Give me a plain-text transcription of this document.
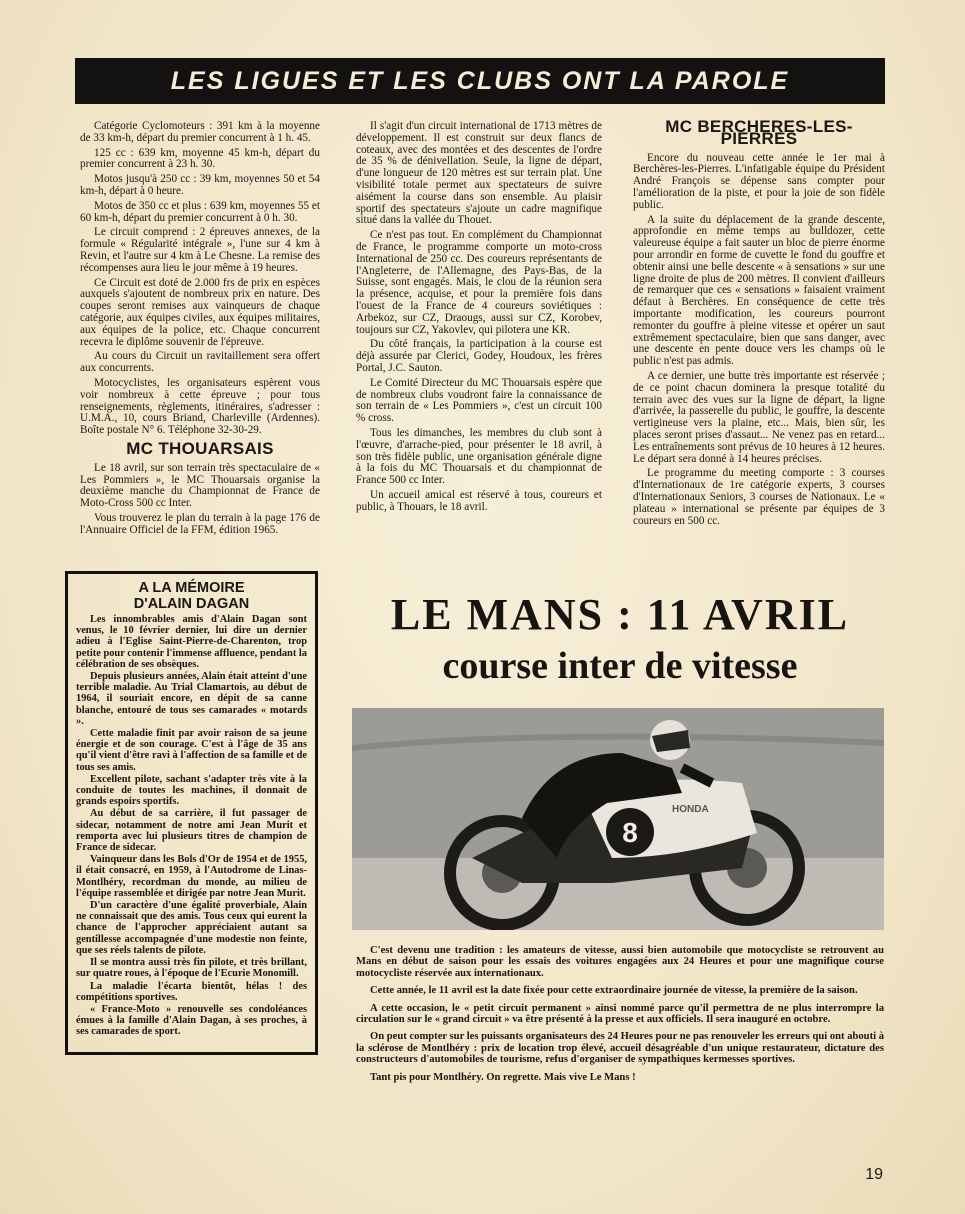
LES LIGUES ET LES CLUBS ONT LA PAROLE

Catégorie Cyclomoteurs : 391 km à la moyenne de 33 km-h, départ du premier concurrent à 1 h. 45.

125 cc : 639 km, moyenne 45 km-h, départ du premier concurrent à 23 h. 30.

Motos jusqu'à 250 cc : 39 km, moyennes 50 et 54 km-h, départ à 0 heure.

Motos de 350 cc et plus : 639 km, moyennes 55 et 60 km-h, départ du premier concurrent à 0 h. 30.

Le circuit comprend : 2 épreuves annexes, de la formule « Régularité intégrale », l'une sur 4 km à Revin, et l'autre sur 4 km à Le Chesne. La remise des récompenses aura lieu le jour même à 19 heures.

Ce Circuit est doté de 2.000 frs de prix en espèces auxquels s'ajoutent de nombreux prix en nature. Des coupes seront remises aux vainqueurs de chaque catégorie, aux équipes civiles, aux équipes militaires, aux équipes de la police, etc. Chaque concurrent recevra le diplôme souvenir de l'épreuve.

Au cours du Circuit un ravitaillement sera offert aux concurrents.

Motocyclistes, les organisateurs espèrent vous voir nombreux à cette épreuve ; pour tous renseignements, règlements, itinéraires, s'adresser : U.M.A., 10, cours Briand, Charleville (Ardennes). Boîte postale N° 6. Téléphone 32-30-29.

MC THOUARSAIS

Le 18 avril, sur son terrain très spectaculaire de « Les Pommiers », le MC Thouarsais organise la deuxième manche du Championnat de France de Moto-Cross 500 cc Inter.

Vous trouverez le plan du terrain à la page 176 de l'Annuaire Officiel de la FFM, édition 1965.

Il s'agit d'un circuit international de 1713 mètres de développement. Il est construit sur deux flancs de coteaux, avec des montées et des descentes de l'ordre de 35 % de dénivellation. Seule, la ligne de départ, d'une longueur de 120 mètres est sur terrain plat. Une visibilité totale permet aux spectateurs de suivre aisément la course dans son ensemble. Au plaisir sportif des spectateurs s'ajoute un cadre magnifique situé dans la vallée du Thouet.

Ce n'est pas tout. En complément du Championnat de France, le programme comporte un moto-cross International de 250 cc. Des coureurs représentants de l'Angleterre, de l'Allemagne, des Pays-Bas, de la Suisse, sont engagés. Mais, le clou de la réunion sera la présence, acquise, et pour la première fois dans l'ouest de la France de 4 coureurs soviétiques : Arbekoz, sur CZ, Draougs, aussi sur CZ, Korobev, toujours sur CZ, Yakovlev, qui pilotera une KR.

Du côté français, la participation à la course est déjà assurée par Clerici, Godey, Houdoux, les frères Portal, J.C. Sauton.

Le Comité Directeur du MC Thouarsais espère que de nombreux clubs voudront faire la connaissance de son terrain de « Les Pommiers », c'est un circuit 100 % cross.

Tous les dimanches, les membres du club sont à l'œuvre, d'arrache-pied, pour présenter le 18 avril, à son très fidèle public, une organisation générale digne à la fois du MC Thouarsais et du championnat de France 500 cc Inter.

Un accueil amical est réservé à tous, coureurs et public, à Thouars, le 18 avril.

MC BERCHERES-LES-PIERRES

Encore du nouveau cette année le 1er mai à Berchères-les-Pierres. L'infatigable équipe du Président André François se dépense sans compter pour l'amélioration de la piste, et pour la joie de son fidèle public.

A la suite du déplacement de la grande descente, approfondie en même temps au bulldozer, cette valeureuse équipe a fait sauter un bloc de pierre énorme pour arrondir en forme de cuvette le fond du gouffre et obtenir ainsi une belle descente « à sensations » sur une ligne droite de plus de 200 mètres. Il convient d'ailleurs de remarquer que ces « sensations » faisaient vraiment défaut à Berchères. En conséquence de cette très importante modification, les coureurs pourront remonter du gouffre à pleine vitesse et opérer un saut extrêmement spectaculaire, bien que sans danger, avec une descente en pente douce vers les champs où le public n'est pas admis.

A ce dernier, une butte très importante est réservée ; de ce point chacun dominera la presque totalité du terrain avec des vues sur la ligne de départ, la ligne d'arrivée, la passerelle du public, le gouffre, la descente vertigineuse vers la plaine, etc... Mais, bien sûr, les places seront prises d'assaut... Ne venez pas en retard... Les entraînements sont prévus de 10 heures à 12 heures. Le départ sera donné à 14 heures précises.

Le programme du meeting comporte : 3 courses d'Internationaux de 1re catégorie experts, 3 courses d'Internationaux Seniors, 3 courses de Nationaux. Le « plateau » international se présente par équipes de 3 coureurs en 500 cc.

A LA MÉMOIRE
D'ALAIN DAGAN

Les innombrables amis d'Alain Dagan sont venus, le 10 février dernier, lui dire un dernier adieu à l'Eglise Saint-Pierre-de-Charenton, trop petite pour contenir l'immense affluence, pendant la célébration de ses obsèques.

Depuis plusieurs années, Alain était atteint d'une terrible maladie. Au Trial Clamartois, au début de 1964, il souriait encore, en dépit de sa canne blanche, entouré de tous ses camarades « motards ».

Cette maladie finit par avoir raison de sa jeune énergie et de son courage. C'est à l'âge de 35 ans qu'il vient d'être ravi à l'affection de sa famille et de tous ses amis.

Excellent pilote, sachant s'adapter très vite à la conduite de toutes les machines, il donnait de grands espoirs sportifs.

Au début de sa carrière, il fut passager de sidecar, notamment de notre ami Jean Murit et remporta avec lui plusieurs titres de champion de France de sidecar.

Vainqueur dans les Bols d'Or de 1954 et de 1955, il était consacré, en 1959, à l'Autodrome de Linas-Montlhéry, recordman du monde, au milieu de l'équipe rassemblée et dirigée par notre Jean Murit.

D'un caractère d'une égalité proverbiale, Alain ne connaissait que des amis. Tous ceux qui eurent la chance de l'approcher appréciaient autant sa gentillesse accompagnée d'une modestie non feinte, que ses réels talents de pilote.

Il se montra aussi très fin pilote, et très brillant, sur quatre roues, à l'époque de l'Ecurie Monomill.

La maladie l'écarta bientôt, hélas ! des compétitions sportives.

« France-Moto » renouvelle ses condoléances émues à la famille d'Alain Dagan, à ses proches, à ses camarades de sport.

LE MANS : 11 AVRIL
course inter de vitesse
8
HONDA

C'est devenu une tradition : les amateurs de vitesse, aussi bien automobile que motocycliste se retrouvent au Mans en début de saison pour les essais des voitures engagées aux 24 Heures et pour une magnifique course motocycliste réservée aux internationaux.

Cette année, le 11 avril est la date fixée pour cette extraordinaire journée de vitesse, la première de la saison.

A cette occasion, le « petit circuit permanent » ainsi nommé parce qu'il permettra de ne plus interrompre la circulation sur le « grand circuit » va être présenté à la presse et aux officiels. Il sera inauguré en octobre.

On peut compter sur les puissants organisateurs des 24 Heures pour ne pas renouveler les erreurs qui ont abouti à la sclérose de Montlhéry : prix de location trop élevé, accueil désagréable d'un unique restaurateur, dictature des constructeurs d'automobiles de tourisme, refus d'organiser de sympathiques kermesses sportives.

Tant pis pour Montlhéry. On regrette. Mais vive Le Mans !

19
